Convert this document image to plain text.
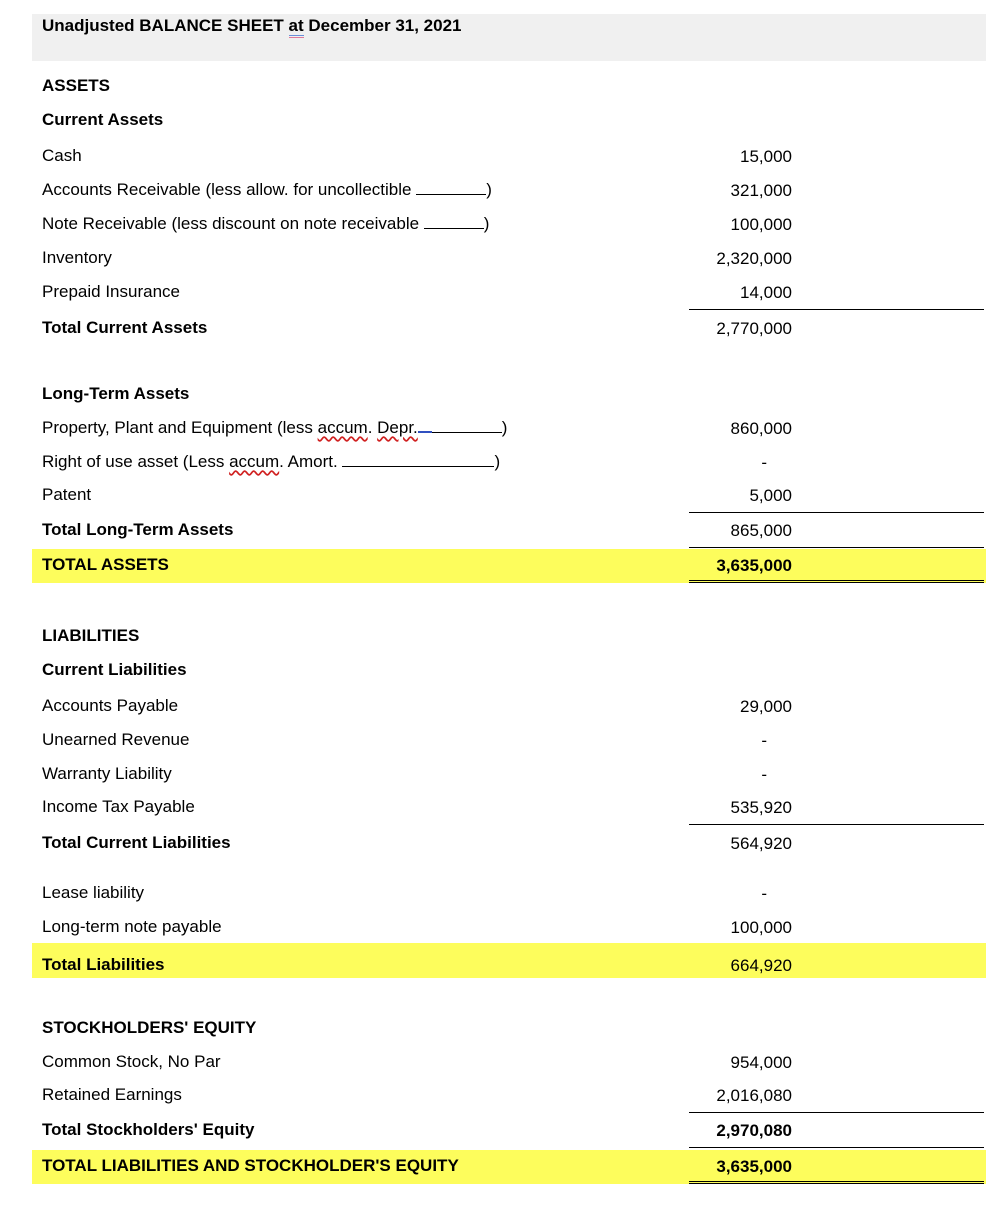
Unadjusted BALANCE SHEET at December 31, 2021
ASSETS
Current Assets
Cash	15,000
Accounts Receivable (less allow. for uncollectible	)	321,000
Note Receivable (less discount on note receivable	)	100,000
Inventory	2,320,000
Prepaid Insurance	14,000
Total Current Assets	2,770,000
Long-Term Assets
Property, Plant and Equipment (less accum. Depr.	)	860,000
Right of use asset (Less accum. Amort.	)	-
Patent	5,000
Total Long-Term Assets	865,000
TOTAL ASSETS	3,635,000
LIABILITIES
Current Liabilities
Accounts Payable	29,000
Unearned Revenue	-
Warranty Liability	-
Income Tax Payable	535,920
Total Current Liabilities	564,920
Lease liability	-
Long-term note payable	100,000
Total Liabilities	664,920
STOCKHOLDERS' EQUITY
Common Stock, No Par	954,000
Retained Earnings	2,016,080
Total Stockholders' Equity	2,970,080
TOTAL LIABILITIES AND STOCKHOLDER'S EQUITY	3,635,000
